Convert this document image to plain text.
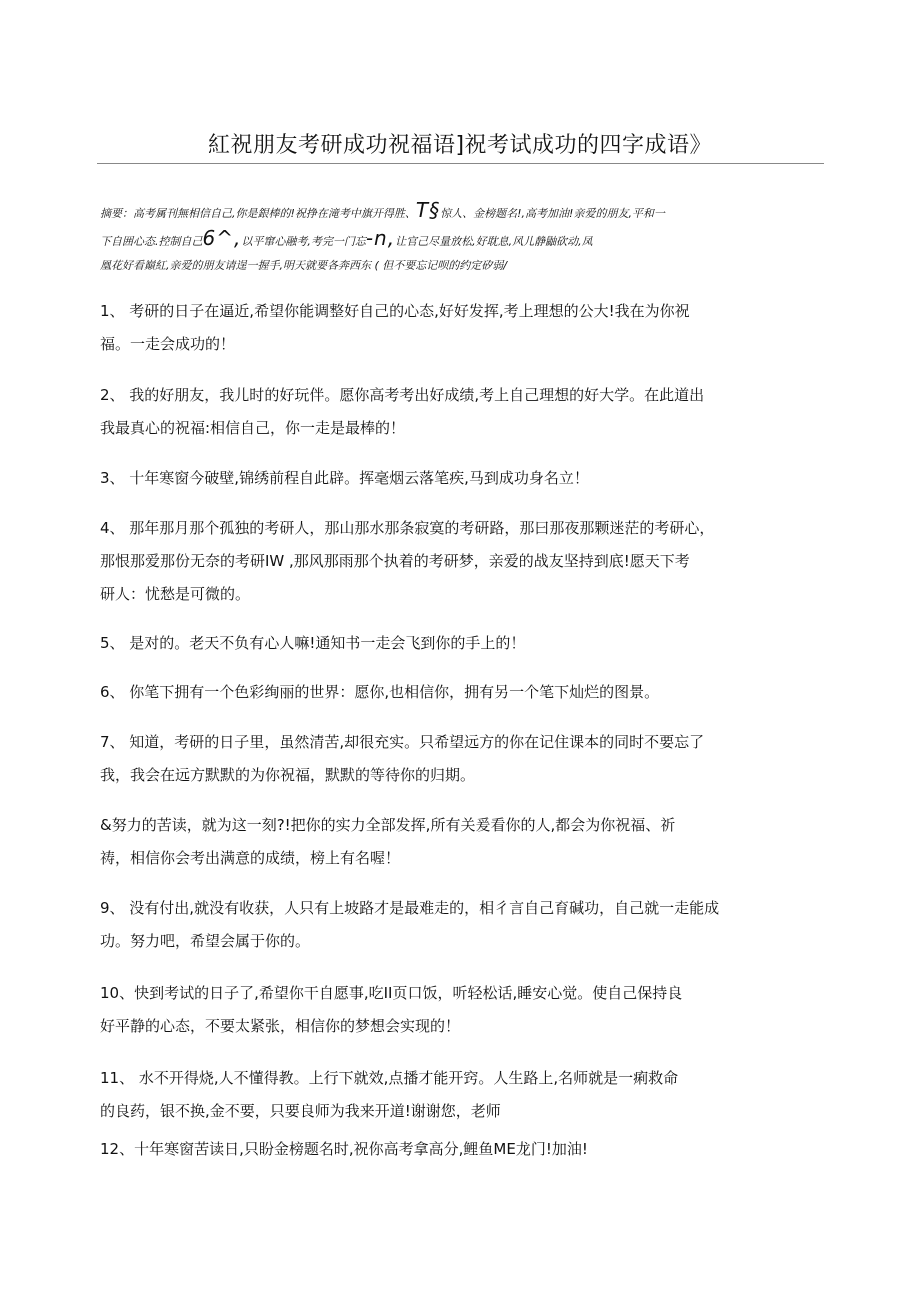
紅祝朋友考研成功祝福语]祝考试成功的四字成语》
摘要：高考属刊無相信自己,你是銀棒的!祝挣在滝考中旗开得胜、T§惊人、金榜题名!,高考加油!亲爱的朋友,平和一
下自囲心态.控制自己6^,以平窜心融考,考完一门忘-n,让官己尽量放松,好耽息,风儿静鼬砍动,凤
凰花好看巔紅,亲爱的朋友请逞一握手,明天就要各奔西东 ( 但不要忘记呗的约定矽弱/
1、 考研的日子在逼近,希望你能调整好自己的心态,好好发挥,考上理想的公大!我在为你祝
福。一走会成功的！
2、 我的好朋友，我儿时的好玩伴。愿你高考考出好成绩,考上自己理想的好大学。在此道出
我最真心的祝福:相信自己，你一走是最棒的！
3、 十年寒窗今破壁,锦绣前程自此辟。挥毫烟云落笔疾,马到成功身名立！
4、 那年那月那个孤独的考研人，那山那水那条寂寞的考研路，那曰那夜那颗迷茫的考研心，
那恨那爱那份无奈的考研IW ,那风那雨那个执着的考研梦，亲爱的战友坚持到底!愿天下考
研人：忧愁是可微的。
5、 是对的。老天不负有心人嘛!通知书一走会飞到你的手上的！
6、 你笔下拥有一个色彩绚丽的世界：愿你,也相信你，拥有另一个笔下灿烂的图景。
7、 知道，考研的日子里，虽然清苦,却很充实。只希望远方的你在记住课本的同时不要忘了
我，我会在远方默默的为你祝福，默默的等待你的归期。
&努力的苦读，就为这一刻?!把你的实力全部发挥,所有关爰看你的人,都会为你祝福、祈
祷，相信你会考出满意的成绩，榜上有名喔！
9、 没有付出,就没有收获，人只有上坡路才是最难走的，相彳言自己育碱功，自己就一走能成
功。努力吧，希望会属于你的。
10、快到考试的日子了,希望你干自愿事,吃II页口饭，听轻松话,睡安心觉。使自己保持良
好平静的心态，不要太紧张，相信你的梦想会实现的！
11、 水不开得烧,人不懂得教。上行下就效,点播才能开窍。人生路上,名师就是一痢救命
的良药，银不换,金不要，只要良师为我来开道!谢谢您，老师
12、十年寒窗苦读日,只盼金榜题名时,祝你高考拿高分,鲤鱼ME龙门!加油!
